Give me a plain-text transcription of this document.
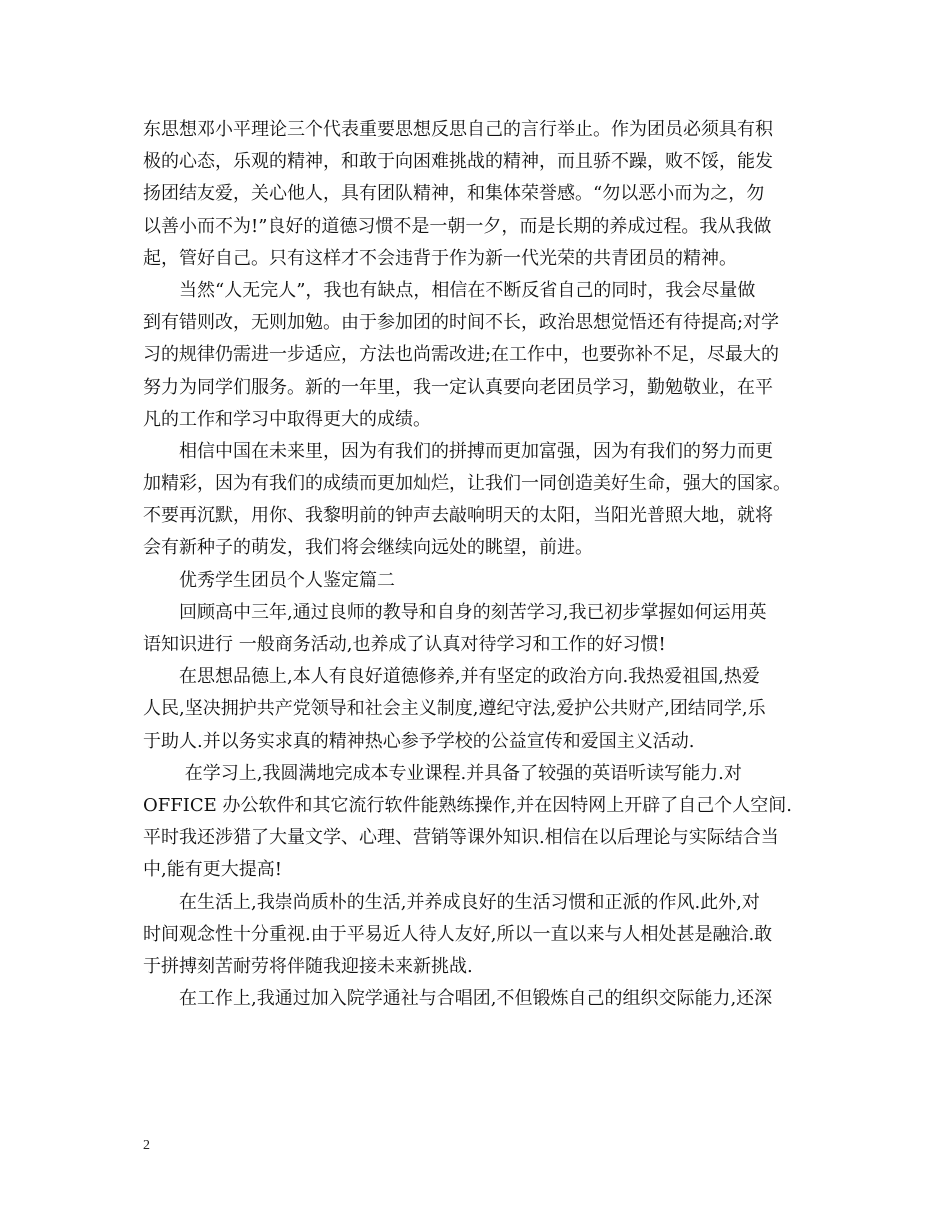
东思想邓小平理论三个代表重要思想反思自己的言行举止。作为团员必须具有积
极的心态，乐观的精神，和敢于向困难挑战的精神，而且骄不躁，败不馁，能发
扬团结友爱，关心他人，具有团队精神，和集体荣誉感。“勿以恶小而为之，勿
以善小而不为!”良好的道德习惯不是一朝一夕，而是长期的养成过程。我从我做
起，管好自己。只有这样才不会违背于作为新一代光荣的共青团员的精神。
　　当然“人无完人”，我也有缺点，相信在不断反省自己的同时，我会尽量做
到有错则改，无则加勉。由于参加团的时间不长，政治思想觉悟还有待提高;对学
习的规律仍需进一步适应，方法也尚需改进;在工作中，也要弥补不足，尽最大的
努力为同学们服务。新的一年里，我一定认真要向老团员学习，勤勉敬业，在平
凡的工作和学习中取得更大的成绩。
　　相信中国在未来里，因为有我们的拼搏而更加富强，因为有我们的努力而更
加精彩，因为有我们的成绩而更加灿烂，让我们一同创造美好生命，强大的国家。
不要再沉默，用你、我黎明前的钟声去敲响明天的太阳，当阳光普照大地，就将
会有新种子的萌发，我们将会继续向远处的眺望，前进。
　　优秀学生团员个人鉴定篇二
　　回顾高中三年,通过良师的教导和自身的刻苦学习,我已初步掌握如何运用英
语知识进行 一般商务活动,也养成了认真对待学习和工作的好习惯!
　　在思想品德上,本人有良好道德修养,并有坚定的政治方向.我热爱祖国,热爱
人民,坚决拥护共产党领导和社会主义制度,遵纪守法,爱护公共财产,团结同学,乐
于助人.并以务实求真的精神热心参予学校的公益宣传和爱国主义活动.
　　 在学习上,我圆满地完成本专业课程.并具备了较强的英语听读写能力.对
OFFICE 办公软件和其它流行软件能熟练操作,并在因特网上开辟了自己个人空间.
平时我还涉猎了大量文学、心理、营销等课外知识.相信在以后理论与实际结合当
中,能有更大提高!
　　在生活上,我崇尚质朴的生活,并养成良好的生活习惯和正派的作风.此外,对
时间观念性十分重视.由于平易近人待人友好,所以一直以来与人相处甚是融洽.敢
于拼搏刻苦耐劳将伴随我迎接未来新挑战.
　　在工作上,我通过加入院学通社与合唱团,不但锻炼自己的组织交际能力,还深
2
